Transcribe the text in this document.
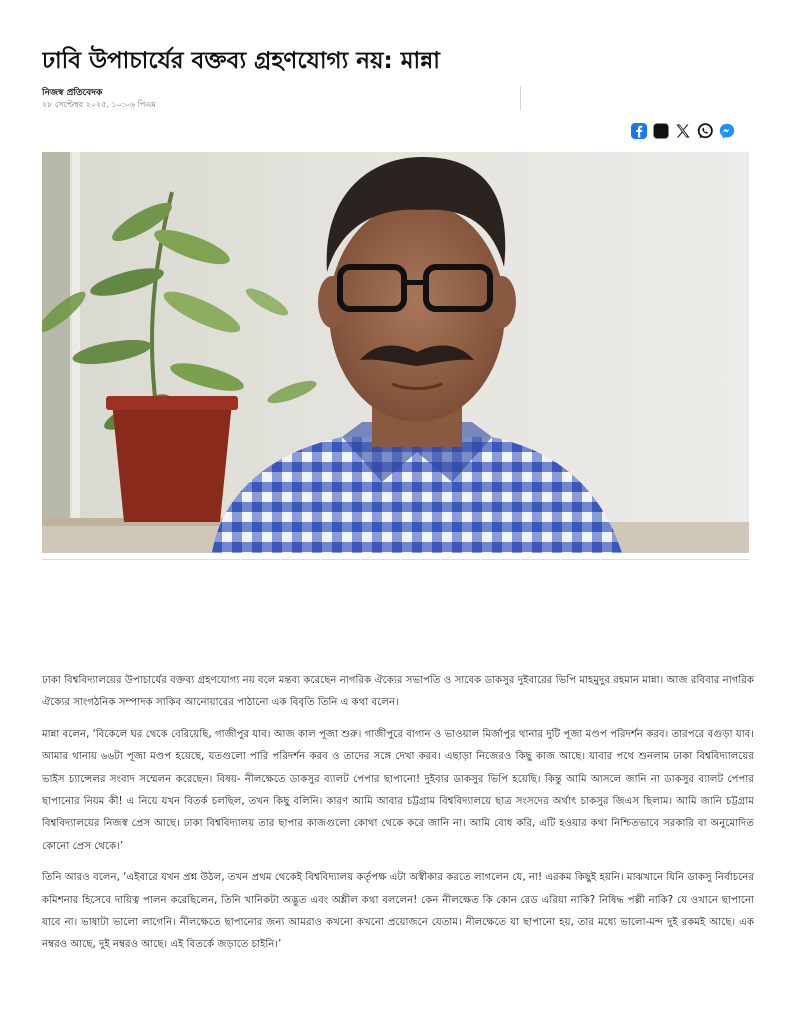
ঢাবি উপাচার্যের বক্তব্য গ্রহণযোগ্য নয়: মান্না
নিজস্ব প্রতিবেদক
২৮ সেপ্টেম্বর ২০২৫, ১০:০৬ পিএম

ঢাকা বিশ্ববিদ্যালয়ের উপাচার্যের বক্তব্য গ্রহণযোগ্য নয় বলে মন্তব্য করেছেন নাগরিক ঐক্যের সভাপতি ও সাবেক ডাকসুর দুইবারের ভিপি মাহমুদুর রহমান মান্না। আজ রবিবার নাগরিক ঐক্যের সাংগঠনিক সম্পাদক সাকিব আনোয়ারের পাঠানো এক বিবৃতি তিনি এ কথা বলেন।

মান্না বলেন, ‘বিকেলে ঘর থেকে বেরিয়েছি, গাজীপুর যাব। আজ কাল পূজা শুরু। গাজীপুরে বাগান ও ভাওয়াল মির্জাপুর থানার দুটি পূজা মণ্ডপ পরিদর্শন করব। তারপরে বগুড়া যাব। আমার থানায় ৬৬টা পূজা মণ্ডপ হয়েছে, যতগুলো পারি পরিদর্শন করব ও তাদের সঙ্গে দেখা করব। এছাড়া নিজেরও কিছু কাজ আছে। যাবার পথে শুনলাম ঢাকা বিশ্ববিদ্যালয়ের ভাইস চ্যান্সেলর সংবাদ সম্মেলন করেছেন। বিষয়- নীলক্ষেতে ডাকসুর ব্যালট পেপার ছাপানো! দুইবার ডাকসুর ভিপি হয়েছি। কিন্তু আমি আসলে জানি না ডাকসুর ব্যালট পেপার ছাপানোর নিয়ম কী! এ নিয়ে যখন বিতর্ক চলছিল, তখন কিছু বলিনি। কারণ আমি আবার চট্টগ্রাম বিশ্ববিদ্যালয়ে ছাত্র সংসদের অর্থাৎ চাকসুর জিএস ছিলাম। আমি জানি চট্টগ্রাম বিশ্ববিদ্যালয়ের নিজস্ব প্রেস আছে। ঢাকা বিশ্ববিদ্যালয় তার ছাপার কাজগুলো কোথা থেকে করে জানি না। আমি বোধ করি, এটি হওয়ার কথা নিশ্চিতভাবে সরকারি বা অনুমোদিত কোনো প্রেস থেকে।’

তিনি আরও বলেন, ‘এইবারে যখন প্রশ্ন উঠল, তখন প্রথম থেকেই বিশ্ববিদ্যালয় কর্তৃপক্ষ এটা অস্বীকার করতে লাগলেন যে, না! এরকম কিছুই হয়নি। মাঝখানে যিনি ডাকসু নির্বাচনের কমিশনার হিসেবে দায়িত্ব পালন করেছিলেন, তিনি খানিকটা অদ্ভুত এবং অশ্লীল কথা বললেন! কেন নীলক্ষেত কি কোন রেড এরিয়া নাকি? নিষিদ্ধ পল্লী নাকি? যে ওখানে ছাপানো যাবে না। ভাষাটা ভালো লাগেনি। নীলক্ষেতে ছাপানোর জন্য আমরাও কখনো কখনো প্রয়োজনে যেতাম। নীলক্ষেতে যা ছাপানো হয়, তার মধ্যে ভালো-মন্দ দুই রকমই আছে। এক নম্বরও আছে, দুই নম্বরও আছে। এই বিতর্কে জড়াতে চাইনি।’
